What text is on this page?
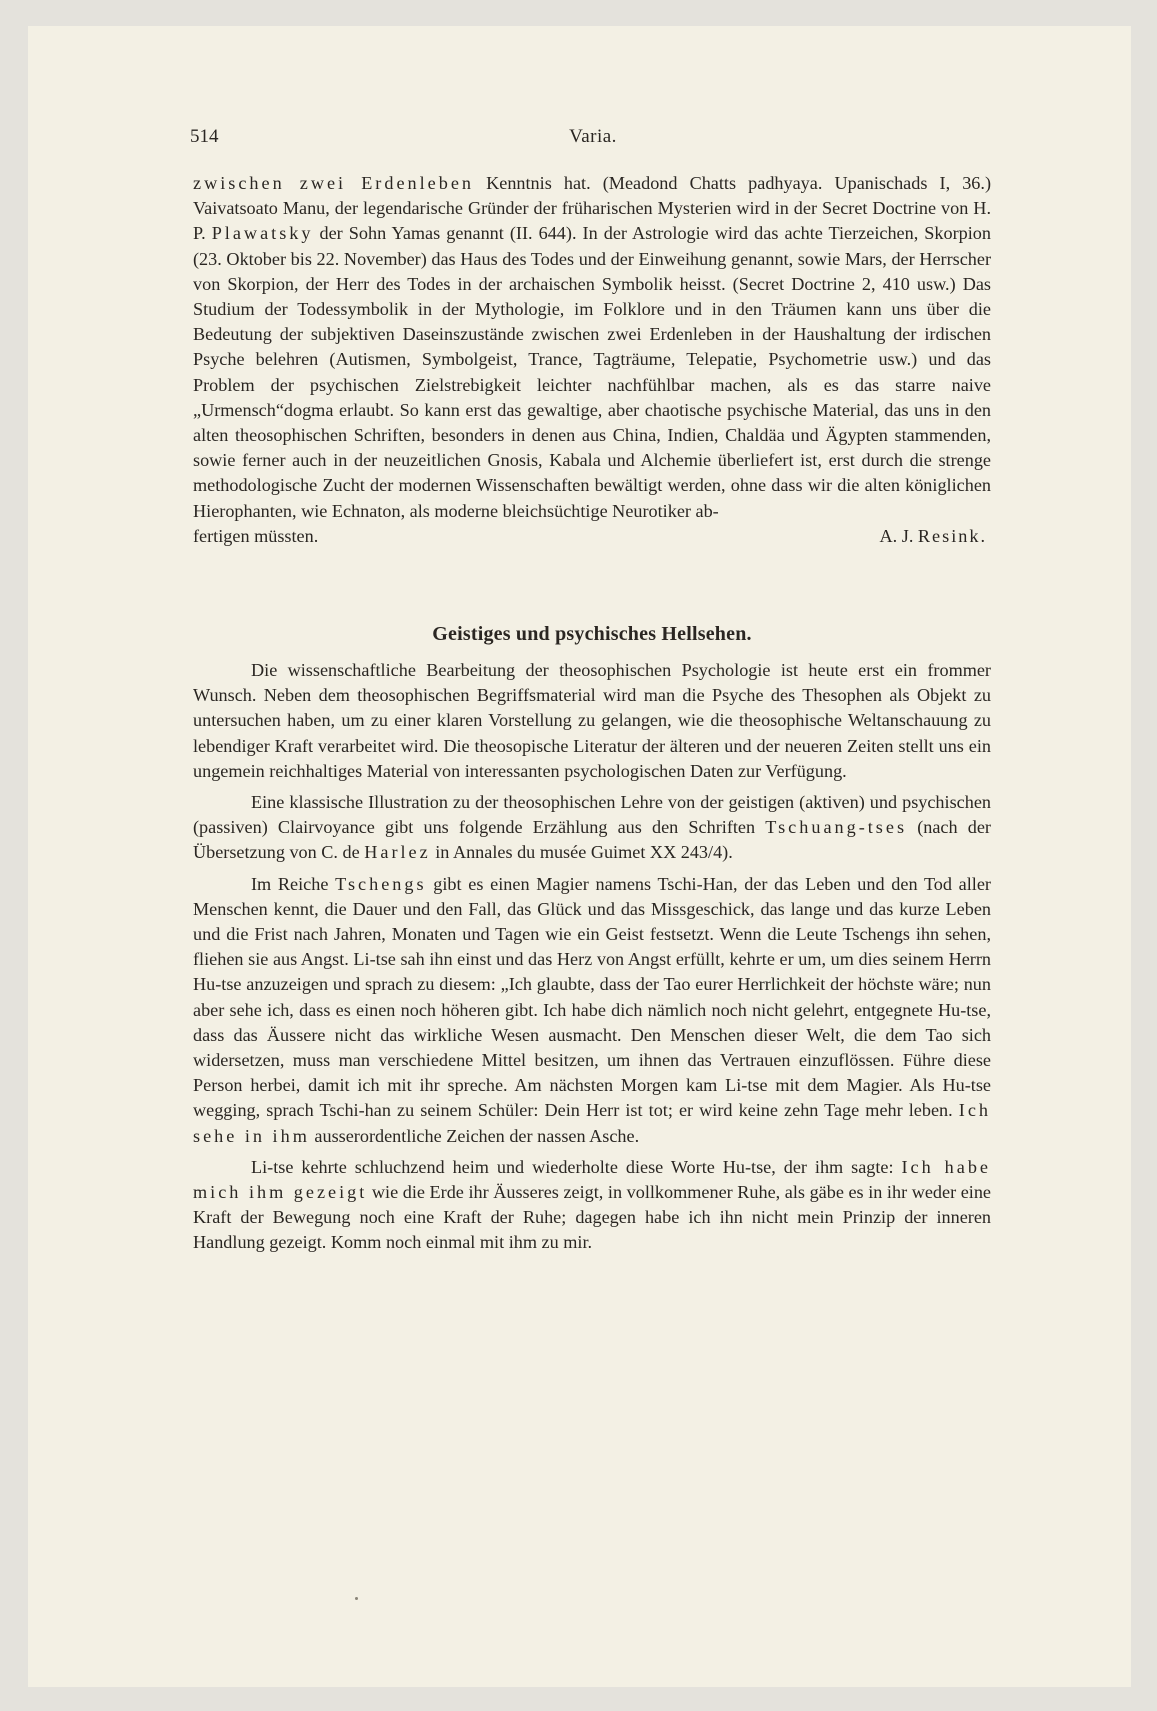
514	Varia.
zwischen zwei Erdenleben Kenntnis hat. (Meadond Chatts padhyaya. Upanischads I, 36.) Vaivatsoato Manu, der legendarische Gründer der früharischen Mysterien wird in der Secret Doctrine von H. P. Plawatsky der Sohn Yamas genannt (II. 644). In der Astrologie wird das achte Tierzeichen, Skorpion (23. Oktober bis 22. November) das Haus des Todes und der Einweihung genannt, sowie Mars, der Herrscher von Skorpion, der Herr des Todes in der archaischen Symbolik heisst. (Secret Doctrine 2, 410 usw.) Das Studium der Todessymbolik in der Mythologie, im Folklore und in den Träumen kann uns über die Bedeutung der subjektiven Daseinszustände zwischen zwei Erdenleben in der Haushaltung der irdischen Psyche belehren (Autismen, Symbolgeist, Trance, Tagträume, Telepatie, Psychometrie usw.) und das Problem der psychischen Zielstrebigkeit leichter nachfühlbar machen, als es das starre naive „Urmensch“dogma erlaubt. So kann erst das gewaltige, aber chaotische psychische Material, das uns in den alten theosophischen Schriften, besonders in denen aus China, Indien, Chaldäa und Ägypten stammenden, sowie ferner auch in der neuzeitlichen Gnosis, Kabala und Alchemie überliefert ist, erst durch die strenge methodologische Zucht der modernen Wissenschaften bewältigt werden, ohne dass wir die alten königlichen Hierophanten, wie Echnaton, als moderne bleichsüchtige Neurotiker ab-
fertigen müssten.	A. J. Resink.
Geistiges und psychisches Hellsehen.

Die wissenschaftliche Bearbeitung der theosophischen Psychologie ist heute erst ein frommer Wunsch. Neben dem theosophischen Begriffsmaterial wird man die Psyche des Thesophen als Objekt zu untersuchen haben, um zu einer klaren Vorstellung zu gelangen, wie die theosophische Weltanschauung zu lebendiger Kraft verarbeitet wird. Die theosopische Literatur der älteren und der neueren Zeiten stellt uns ein ungemein reichhaltiges Material von interessanten psychologischen Daten zur Verfügung.

Eine klassische Illustration zu der theosophischen Lehre von der geistigen (aktiven) und psychischen (passiven) Clairvoyance gibt uns folgende Erzählung aus den Schriften Tschuang-tses (nach der Übersetzung von C. de Harlez in Annales du musée Guimet XX 243/4).

Im Reiche Tschengs gibt es einen Magier namens Tschi-Han, der das Leben und den Tod aller Menschen kennt, die Dauer und den Fall, das Glück und das Missgeschick, das lange und das kurze Leben und die Frist nach Jahren, Monaten und Tagen wie ein Geist festsetzt. Wenn die Leute Tschengs ihn sehen, fliehen sie aus Angst. Li-tse sah ihn einst und das Herz von Angst erfüllt, kehrte er um, um dies seinem Herrn Hu-tse anzuzeigen und sprach zu diesem: „Ich glaubte, dass der Tao eurer Herrlichkeit der höchste wäre; nun aber sehe ich, dass es einen noch höheren gibt. Ich habe dich nämlich noch nicht gelehrt, entgegnete Hu-tse, dass das Äussere nicht das wirkliche Wesen ausmacht. Den Menschen dieser Welt, die dem Tao sich widersetzen, muss man verschiedene Mittel besitzen, um ihnen das Vertrauen einzuflössen. Führe diese Person herbei, damit ich mit ihr spreche. Am nächsten Morgen kam Li-tse mit dem Magier. Als Hu-tse wegging, sprach Tschi-han zu seinem Schüler: Dein Herr ist tot; er wird keine zehn Tage mehr leben. Ich sehe in ihm ausserordentliche Zeichen der nassen Asche.

Li-tse kehrte schluchzend heim und wiederholte diese Worte Hu-tse, der ihm sagte: Ich habe mich ihm gezeigt wie die Erde ihr Äusseres zeigt, in vollkommener Ruhe, als gäbe es in ihr weder eine Kraft der Bewegung noch eine Kraft der Ruhe; dagegen habe ich ihn nicht mein Prinzip der inneren Handlung gezeigt. Komm noch einmal mit ihm zu mir.
